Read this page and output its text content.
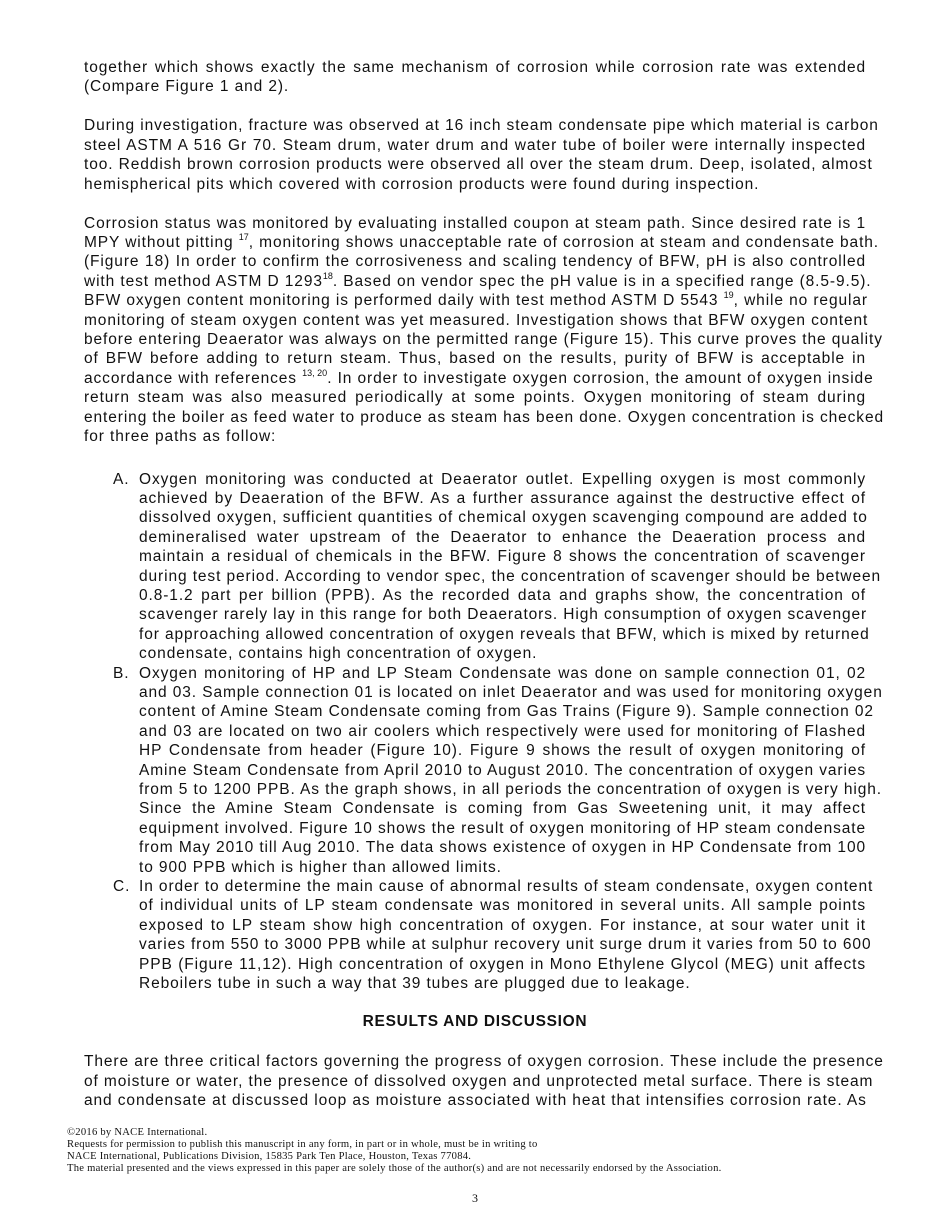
together which shows exactly the same mechanism of corrosion while corrosion rate was extended
(Compare Figure 1 and 2).
During investigation, fracture was observed at 16 inch steam condensate pipe which material is carbon
steel ASTM A 516 Gr 70. Steam drum, water drum and water tube of boiler were internally inspected
too. Reddish brown corrosion products were observed all over the steam drum. Deep, isolated, almost
hemispherical pits which covered with corrosion products were found during inspection.
Corrosion status was monitored by evaluating installed coupon at steam path. Since desired rate is 1
MPY without pitting $^{17}$, monitoring shows unacceptable rate of corrosion at steam and condensate bath.
(Figure 18) In order to confirm the corrosiveness and scaling tendency of BFW, pH is also controlled
with test method ASTM D 1293$^{18}$. Based on vendor spec the pH value is in a specified range (8.5-9.5).
BFW oxygen content monitoring is performed daily with test method ASTM D 5543 $^{19}$, while no regular
monitoring of steam oxygen content was yet measured. Investigation shows that BFW oxygen content
before entering Deaerator was always on the permitted range (Figure 15). This curve proves the quality
of BFW before adding to return steam. Thus, based on the results, purity of BFW is acceptable in
accordance with references $^{13, 20}$. In order to investigate oxygen corrosion, the amount of oxygen inside
return steam was also measured periodically at some points. Oxygen monitoring of steam during
entering the boiler as feed water to produce as steam has been done. Oxygen concentration is checked
for three paths as follow:
A. Oxygen monitoring was conducted at Deaerator outlet. Expelling oxygen is most commonly
achieved by Deaeration of the BFW. As a further assurance against the destructive effect of
dissolved oxygen, sufficient quantities of chemical oxygen scavenging compound are added to
demineralised water upstream of the Deaerator to enhance the Deaeration process and
maintain a residual of chemicals in the BFW. Figure 8 shows the concentration of scavenger
during test period. According to vendor spec, the concentration of scavenger should be between
0.8-1.2 part per billion (PPB). As the recorded data and graphs show, the concentration of
scavenger rarely lay in this range for both Deaerators. High consumption of oxygen scavenger
for approaching allowed concentration of oxygen reveals that BFW, which is mixed by returned
condensate, contains high concentration of oxygen.
B. Oxygen monitoring of HP and LP Steam Condensate was done on sample connection 01, 02
and 03. Sample connection 01 is located on inlet Deaerator and was used for monitoring oxygen
content of Amine Steam Condensate coming from Gas Trains (Figure 9). Sample connection 02
and 03 are located on two air coolers which respectively were used for monitoring of Flashed
HP Condensate from header (Figure 10). Figure 9 shows the result of oxygen monitoring of
Amine Steam Condensate from April 2010 to August 2010. The concentration of oxygen varies
from 5 to 1200 PPB. As the graph shows, in all periods the concentration of oxygen is very high.
Since the Amine Steam Condensate is coming from Gas Sweetening unit, it may affect
equipment involved. Figure 10 shows the result of oxygen monitoring of HP steam condensate
from May 2010 till Aug 2010. The data shows existence of oxygen in HP Condensate from 100
to 900 PPB which is higher than allowed limits.
C. In order to determine the main cause of abnormal results of steam condensate, oxygen content
of individual units of LP steam condensate was monitored in several units. All sample points
exposed to LP steam show high concentration of oxygen. For instance, at sour water unit it
varies from 550 to 3000 PPB while at sulphur recovery unit surge drum it varies from 50 to 600
PPB (Figure 11,12). High concentration of oxygen in Mono Ethylene Glycol (MEG) unit affects
Reboilers tube in such a way that 39 tubes are plugged due to leakage.
RESULTS AND DISCUSSION
There are three critical factors governing the progress of oxygen corrosion. These include the presence
of moisture or water, the presence of dissolved oxygen and unprotected metal surface. There is steam
and condensate at discussed loop as moisture associated with heat that intensifies corrosion rate. As
©2016 by NACE International.
Requests for permission to publish this manuscript in any form, in part or in whole, must be in writing to
NACE International, Publications Division, 15835 Park Ten Place, Houston, Texas 77084.
The material presented and the views expressed in this paper are solely those of the author(s) and are not necessarily endorsed by the Association.
3
